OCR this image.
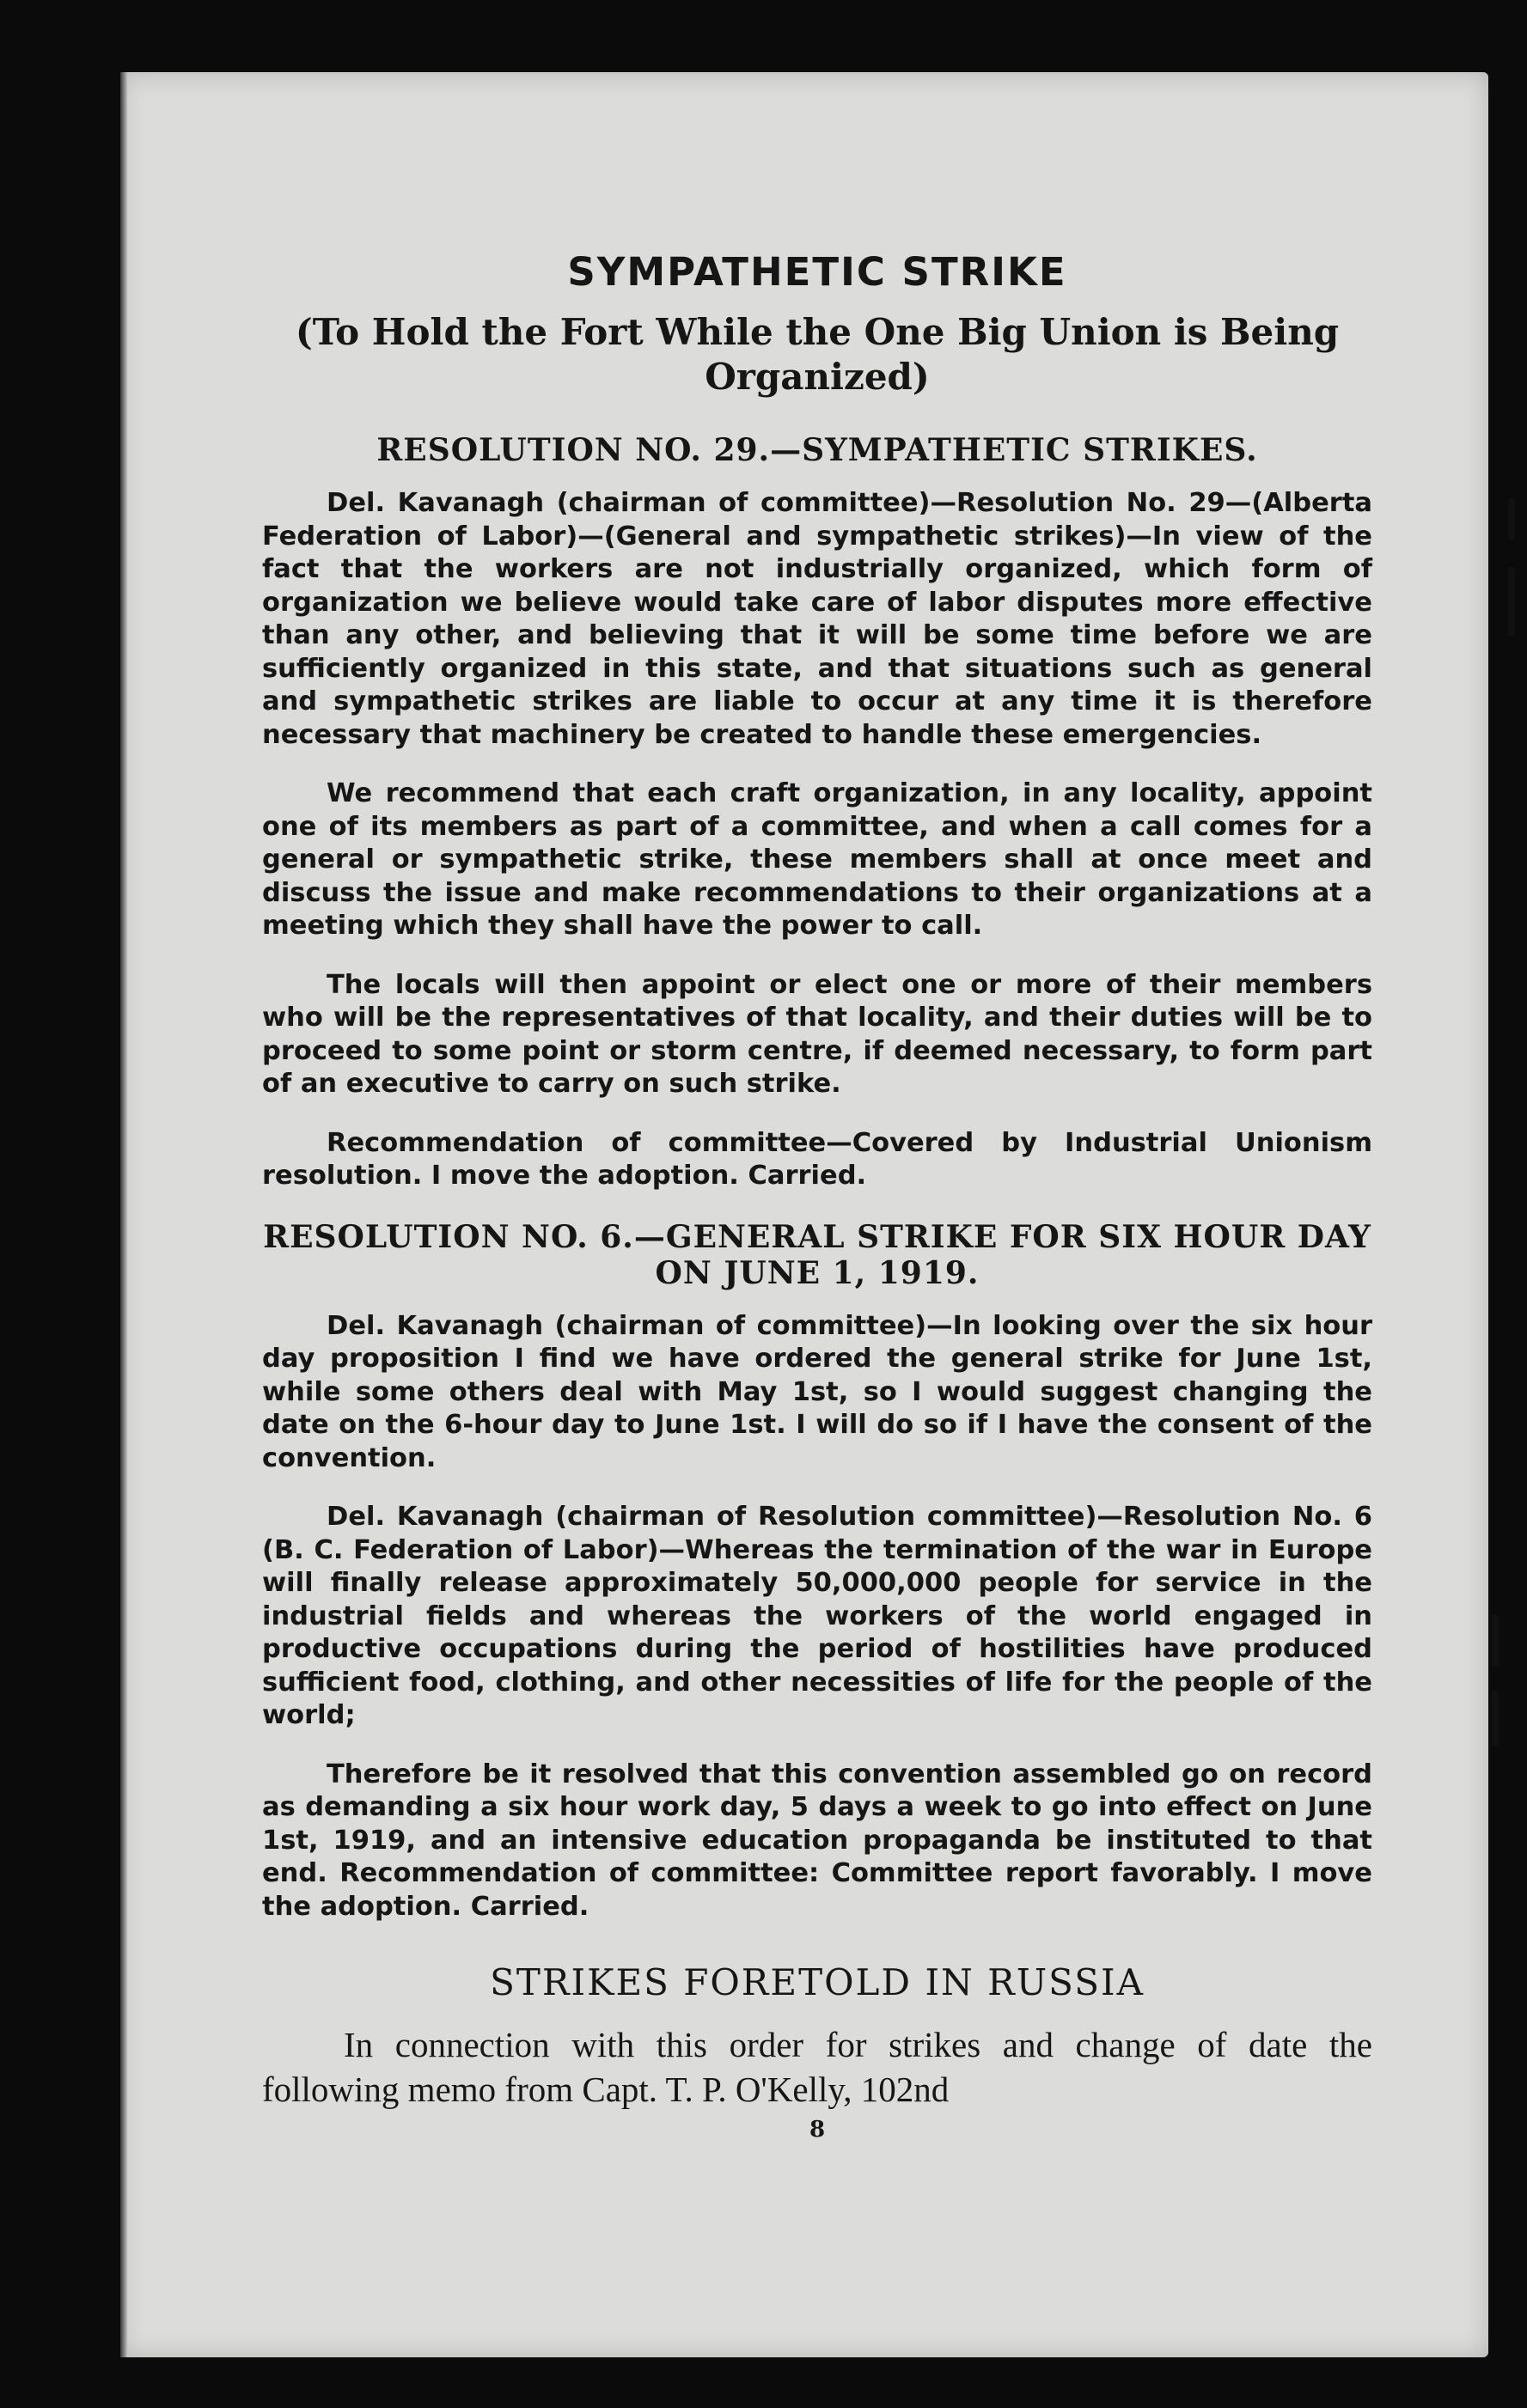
SYMPATHETIC STRIKE
(To Hold the Fort While the One Big Union is Being Organized)
RESOLUTION NO. 29.—SYMPATHETIC STRIKES.

Del. Kavanagh (chairman of committee)—Resolution No. 29—(Alberta Federation of Labor)—(General and sympathetic strikes)—In view of the fact that the workers are not industrially organized, which form of organization we believe would take care of labor disputes more effective than any other, and believing that it will be some time before we are sufficiently organized in this state, and that situations such as general and sympathetic strikes are liable to occur at any time it is therefore necessary that machinery be created to handle these emergencies.

We recommend that each craft organization, in any locality, appoint one of its members as part of a committee, and when a call comes for a general or sympathetic strike, these members shall at once meet and discuss the issue and make recommendations to their organizations at a meeting which they shall have the power to call.

The locals will then appoint or elect one or more of their members who will be the representatives of that locality, and their duties will be to proceed to some point or storm centre, if deemed necessary, to form part of an executive to carry on such strike.

Recommendation of committee—Covered by Industrial Unionism resolution. I move the adoption. Carried.

RESOLUTION NO. 6.—GENERAL STRIKE FOR SIX HOUR DAY ON JUNE 1, 1919.

Del. Kavanagh (chairman of committee)—In looking over the six hour day proposition I find we have ordered the general strike for June 1st, while some others deal with May 1st, so I would suggest changing the date on the 6-hour day to June 1st. I will do so if I have the consent of the convention.

Del. Kavanagh (chairman of Resolution committee)—Resolution No. 6 (B. C. Federation of Labor)—Whereas the termination of the war in Europe will finally release approximately 50,000,000 people for service in the industrial fields and whereas the workers of the world engaged in productive occupations during the period of hostilities have produced sufficient food, clothing, and other necessities of life for the people of the world;

Therefore be it resolved that this convention assembled go on record as demanding a six hour work day, 5 days a week to go into effect on June 1st, 1919, and an intensive education propaganda be instituted to that end. Recommendation of committee: Committee report favorably. I move the adoption. Carried.

STRIKES FORETOLD IN RUSSIA

In connection with this order for strikes and change of date the following memo from Capt. T. P. O'Kelly, 102nd

8
